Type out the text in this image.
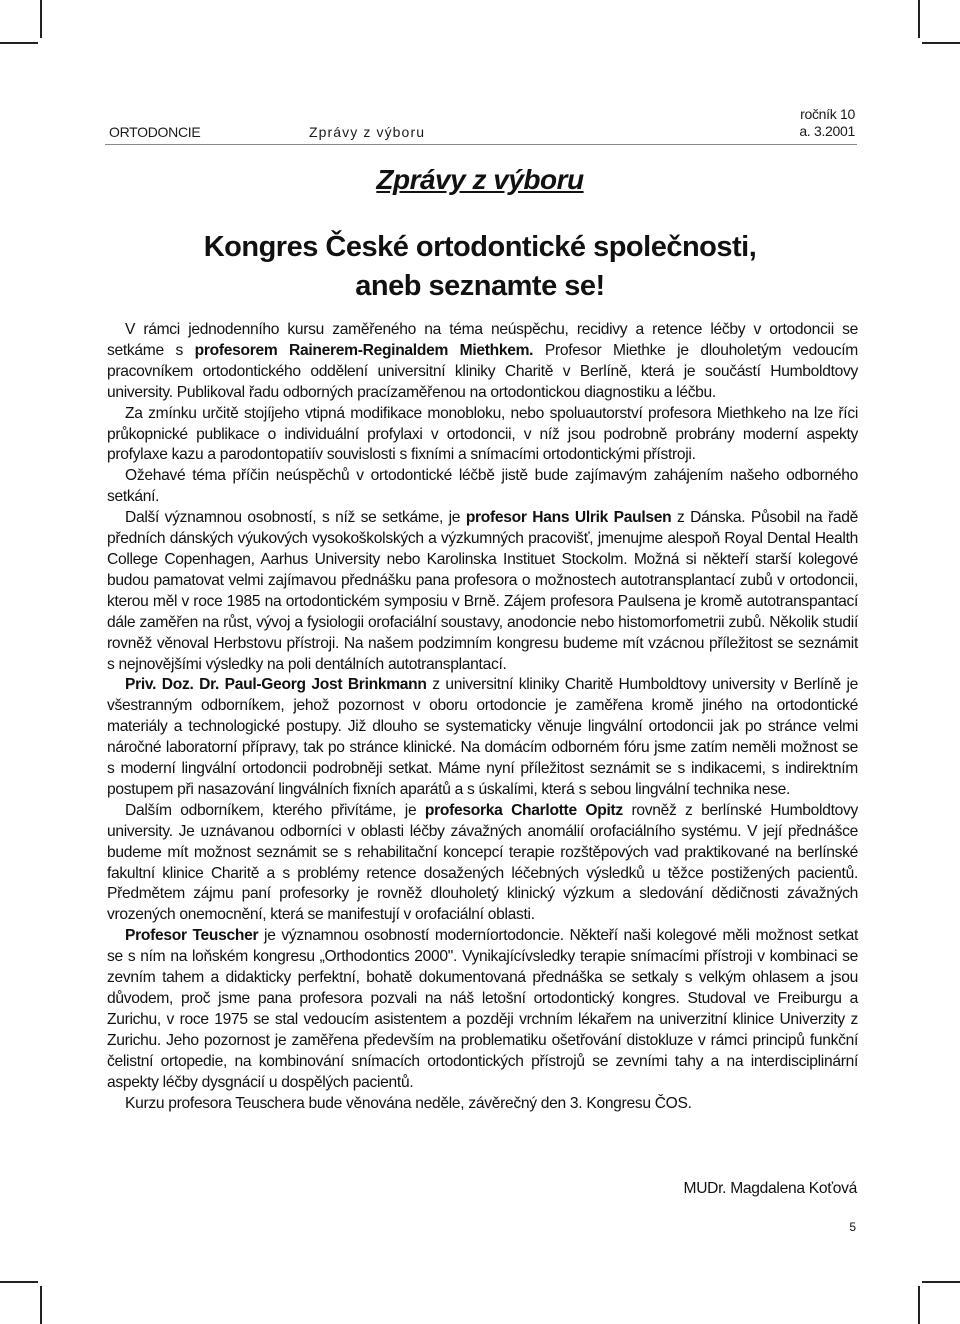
ORTODONCIE	Zprávy z výboru
ročník 10
a. 3.2001
Zprávy z výboru
Kongres České ortodontické společnosti,
aneb seznamte se!

V rámci jednodenního kursu zaměřeného na téma neúspěchu, recidivy a retence léčby v ortodoncii se setkáme s profesorem Rainerem-Reginaldem Miethkem. Profesor Miethke je dlouholetým vedoucím pracovníkem ortodontického oddělení universitní kliniky Charitě v Berlíně, která je součástí Humboldtovy university. Publikoval řadu odborných pracízaměřenou na ortodontickou diagnostiku a léčbu.

Za zmínku určitě stojíjeho vtipná modifikace monobloku, nebo spoluautorství profesora Miethkeho na lze říci průkopnické publikace o individuální profylaxi v ortodoncii, v níž jsou podrobně probrány moderní aspekty profylaxe kazu a parodontopatiív souvislosti s fixními a snímacími ortodontickými přístroji.

Ožehavé téma příčin neúspěchů v ortodontické léčbě jistě bude zajímavým zahájením našeho odborného setkání.

Další významnou osobností, s níž se setkáme, je profesor Hans Ulrik Paulsen z Dánska. Působil na řadě předních dánských výukových vysokoškolských a výzkumných pracovišť, jmenujme alespoň Royal Dental Health College Copenhagen, Aarhus University nebo Karolinska Instituet Stockolm. Možná si někteří starší kolegové budou pamatovat velmi zajímavou přednášku pana profesora o možnostech autotransplantací zubů v ortodoncii, kterou měl v roce 1985 na ortodontickém symposiu v Brně. Zájem profesora Paulsena je kromě autotranspantací dále zaměřen na růst, vývoj a fysiologii orofaciální soustavy, anodoncie nebo histomorfometrii zubů. Několik studií rovněž věnoval Herbstovu přístroji. Na našem podzimním kongresu budeme mít vzácnou příležitost se seznámit s nejnovějšími výsledky na poli dentálních autotransplantací.

Priv. Doz. Dr. Paul-Georg Jost Brinkmann z universitní kliniky Charitě Humboldtovy university v Berlíně je všestranným odborníkem, jehož pozornost v oboru ortodoncie je zaměřena kromě jiného na ortodontické materiály a technologické postupy. Již dlouho se systematicky věnuje lingvální ortodoncii jak po stránce velmi náročné laboratorní přípravy, tak po stránce klinické. Na domácím odborném fóru jsme zatím neměli možnost se s moderní lingvální ortodoncii podrobněji setkat. Máme nyní příležitost seznámit se s indikacemi, s indirektním postupem při nasazování lingválních fixních aparátů a s úskalími, která s sebou lingvální technika nese.

Dalším odborníkem, kterého přivítáme, je profesorka Charlotte Opitz rovněž z berlínské Humboldtovy university. Je uznávanou odborníci v oblasti léčby závažných anomálií orofaciálního systému. V její přednášce budeme mít možnost seznámit se s rehabilitační koncepcí terapie rozštěpových vad praktikované na berlínské fakultní klinice Charitě a s problémy retence dosažených léčebných výsledků u těžce postižených pacientů. Předmětem zájmu paní profesorky je rovněž dlouholetý klinický výzkum a sledování dědičnosti závažných vrozených onemocnění, která se manifestují v orofaciální oblasti.

Profesor Teuscher je významnou osobností moderníortodoncie. Někteří naši kolegové měli možnost setkat se s ním na loňském kongresu „Orthodontics 2000". Vynikajícívsledky terapie snímacími přístroji v kombinaci se zevním tahem a didakticky perfektní, bohatě dokumentovaná přednáška se setkaly s velkým ohlasem a jsou důvodem, proč jsme pana profesora pozvali na náš letošní ortodontický kongres. Studoval ve Freiburgu a Zurichu, v roce 1975 se stal vedoucím asistentem a později vrchním lékařem na univerzitní klinice Univerzity z Zurichu. Jeho pozornost je zaměřena především na problematiku ošetřování distokluze v rámci principů funkční čelistní ortopedie, na kombinování snímacích ortodontických přístrojů se zevními tahy a na interdisciplinární aspekty léčby dysgnácií u dospělých pacientů.

Kurzu profesora Teuschera bude věnována neděle, závěrečný den 3. Kongresu ČOS.

MUDr. Magdalena Koťová
5
